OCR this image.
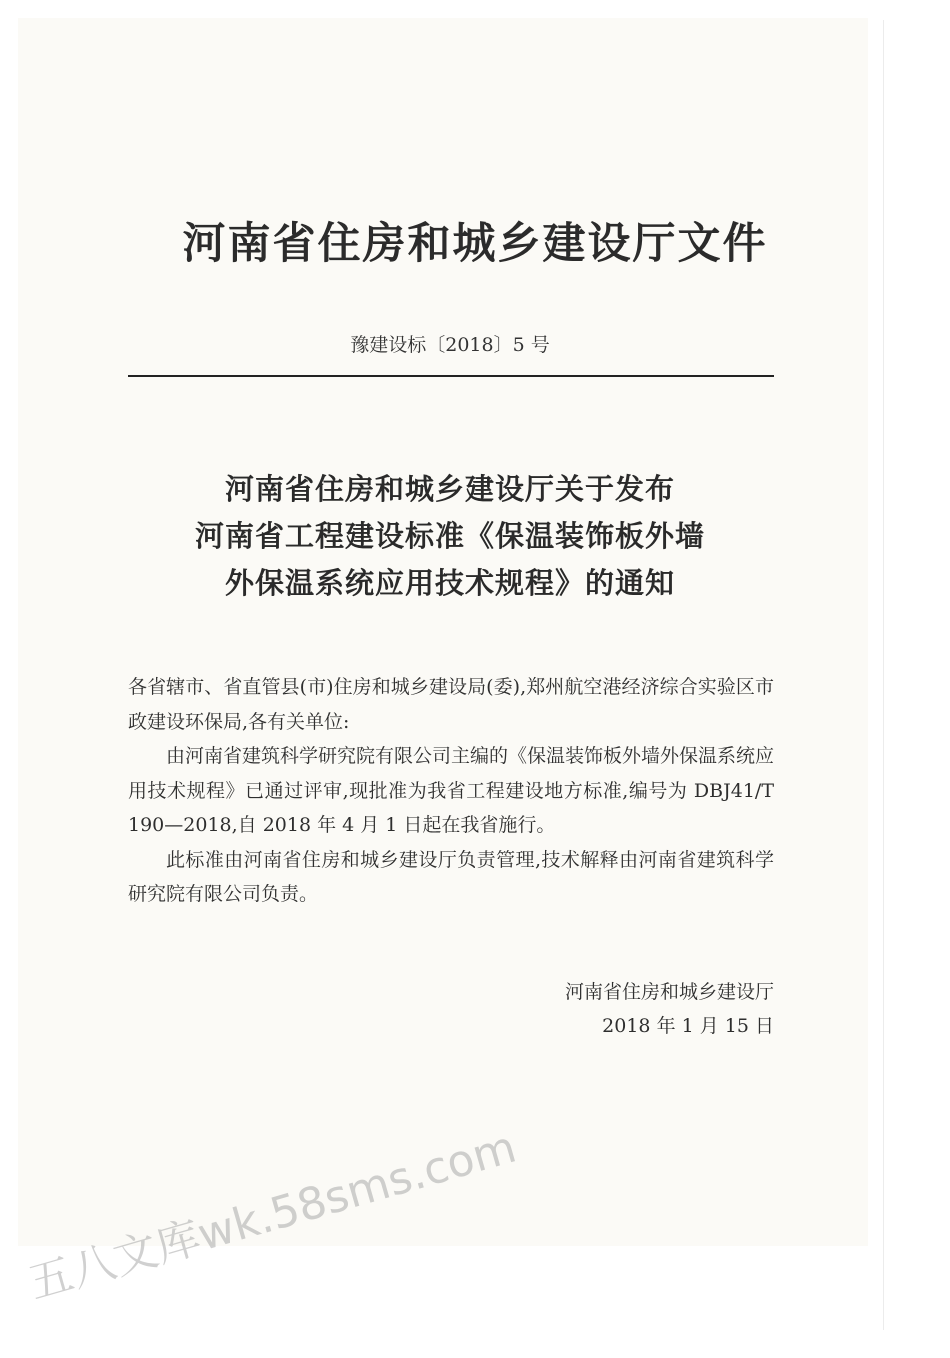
河南省住房和城乡建设厅文件
豫建设标〔2018〕5 号
河南省住房和城乡建设厅关于发布
河南省工程建设标准《保温装饰板外墙
外保温系统应用技术规程》的通知

各省辖市、省直管县(市)住房和城乡建设局(委),郑州航空港经济综合实验区市政建设环保局,各有关单位:

由河南省建筑科学研究院有限公司主编的《保温装饰板外墙外保温系统应用技术规程》已通过评审,现批准为我省工程建设地方标准,编号为 DBJ41/T 190—2018,自 2018 年 4 月 1 日起在我省施行。

此标准由河南省住房和城乡建设厅负责管理,技术解释由河南省建筑科学研究院有限公司负责。

河南省住房和城乡建设厅
2018 年 1 月 15 日
五八文库wk.58sms.com
